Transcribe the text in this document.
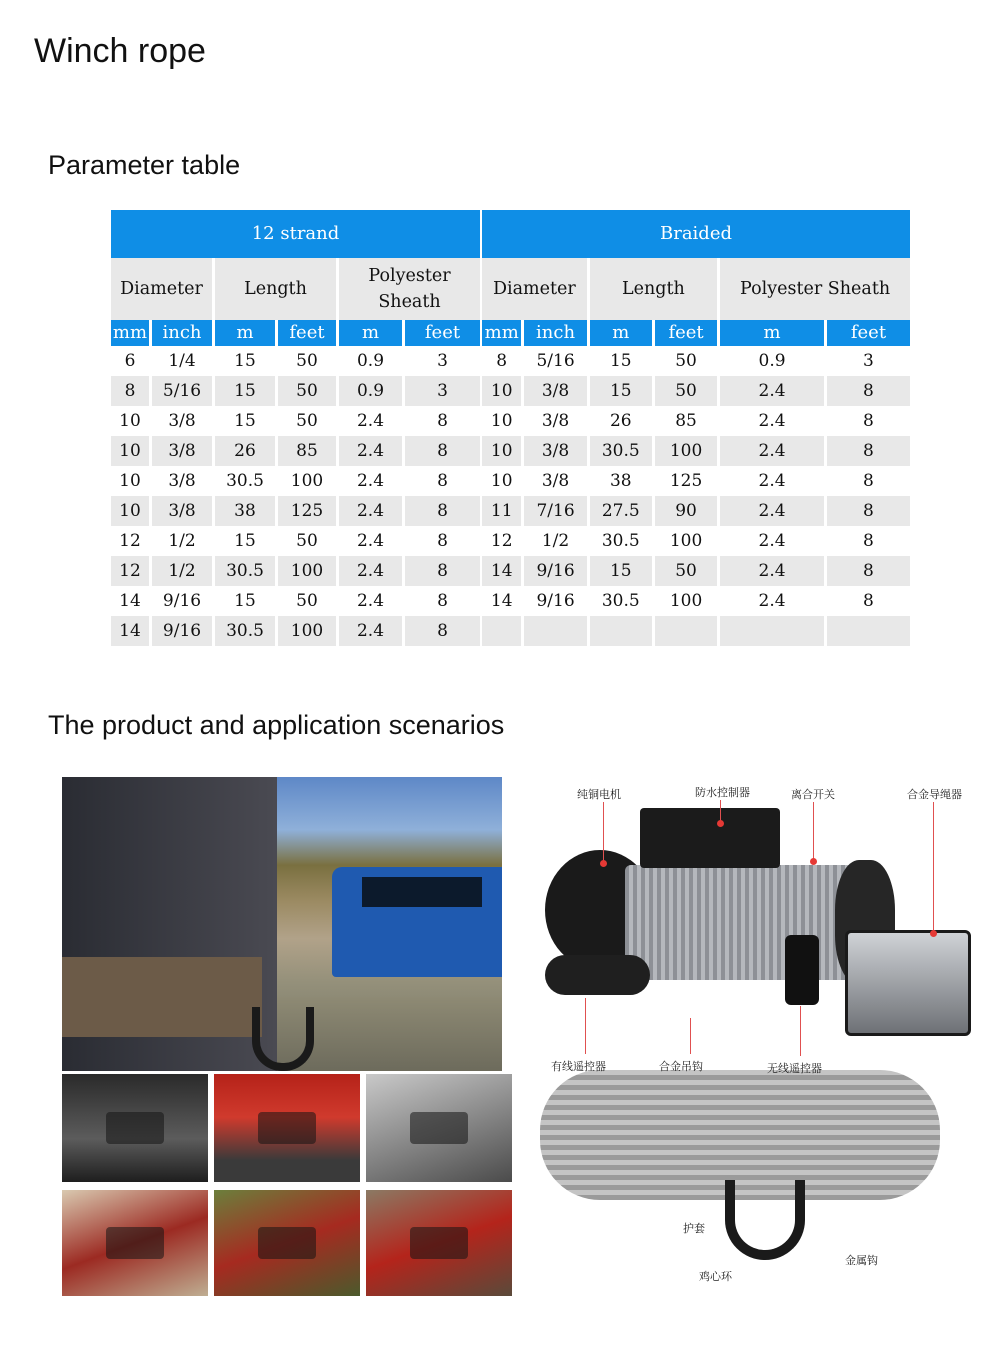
Winch rope
Parameter table
12 strand					
Diameter		Length		Polyester Sheath	
mm	inch	m	feet	m	feet
6	1/4	15	50	0.9	3
8	5/16	15	50	0.9	3
10	3/8	15	50	2.4	8
10	3/8	26	85	2.4	8
10	3/8	30.5	100	2.4	8
10	3/8	38	125	2.4	8
12	1/2	15	50	2.4	8
12	1/2	30.5	100	2.4	8
14	9/16	15	50	2.4	8
14	9/16	30.5	100	2.4	8
Braided					
Diameter		Length		Polyester Sheath	
mm	inch	m	feet	m	feet
8	5/16	15	50	0.9	3
10	3/8	15	50	2.4	8
10	3/8	26	85	2.4	8
10	3/8	30.5	100	2.4	8
10	3/8	38	125	2.4	8
11	7/16	27.5	90	2.4	8
12	1/2	30.5	100	2.4	8
14	9/16	15	50	2.4	8
14	9/16	30.5	100	2.4	8

The product and application scenarios
纯铜电机	防水控制器	离合开关	合金导绳器
有线遥控器	合金吊钩	无线遥控器
护套
鸡心环
金属钩
